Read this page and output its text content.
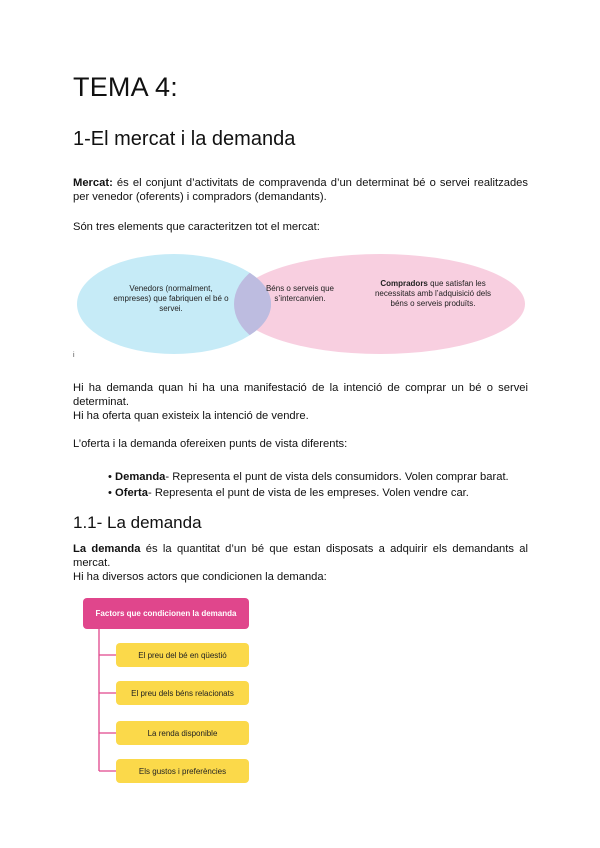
TEMA 4:
1-El mercat i la demanda

Mercat: és el conjunt d’activitats de compravenda d’un determinat bé o servei realitzades per venedor (oferents) i compradors (demandants).

Són tres elements que caracteritzen tot el mercat:

Venedors (normalment, empreses) que fabriquen el bé o servei.
Béns o serveis que s’intercanvien.
Compradors que satisfan les necessitats amb l’adquisició dels béns o serveis produïts.
i

Hi ha demanda quan hi ha una manifestació de la intenció de comprar un bé o servei determinat.

Hi ha oferta quan existeix la intenció de vendre.

L’oferta i la demanda ofereixen punts de vista diferents:

• Demanda- Representa el punt de vista dels consumidors. Volen comprar barat.
• Oferta- Representa el punt de vista de les empreses. Volen vendre car.
1.1- La demanda

La demanda és la quantitat d’un bé que estan disposats a adquirir els demandants al mercat.

Hi ha diversos actors que condicionen la demanda:

Factors que condicionen la demanda
El preu del bé en qüestió
El preu dels béns relacionats
La renda disponible
Els gustos i preferències
